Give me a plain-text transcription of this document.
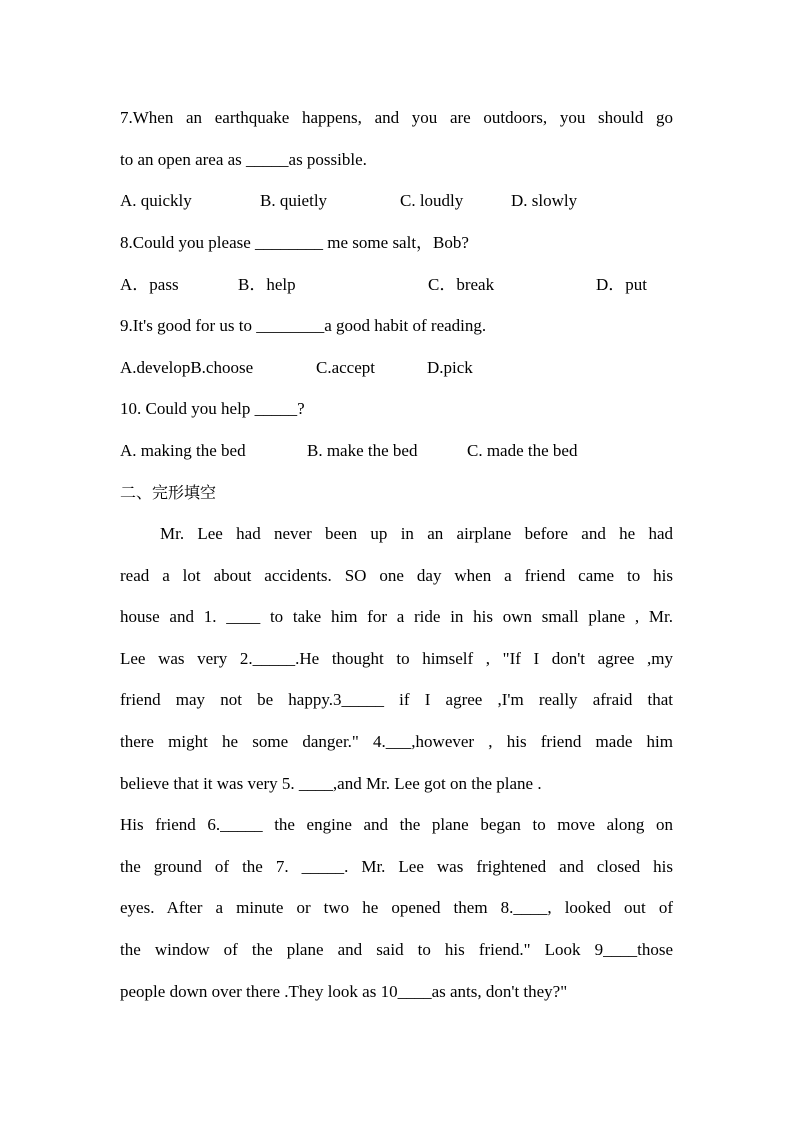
7.When an earthquake happens, and you are outdoors, you should go
to an open area as _____as possible.
A. quickly	B. quietly	C. loudly	D. slowly
8.Could you please ________ me some salt，Bob?
A．pass	B．help	C．break	D．put
9.It's good for us to ________a good habit of reading.
A.developB.choose	C.accept	D.pick
10. Could you help _____?
A. making the bed	B. make the bed	C. made the bed
二、完形填空
Mr. Lee had never been up in an airplane before and he had
read a lot about accidents. SO one day when a friend came to his
house and 1. ____ to take him for a ride in his own small plane , Mr.
Lee was very 2._____.He thought to himself , "If I don't agree ,my
friend may not be happy.3_____ if I agree ,I'm really afraid that
there might he some danger." 4.___,however , his friend made him
believe that it was very 5. ____,and Mr. Lee got on the plane .
His friend 6._____ the engine and the plane began to move along on
the ground of the 7. _____. Mr. Lee was frightened and closed his
eyes. After a minute or two he opened them 8.____, looked out of
the window of the plane and said to his friend." Look 9____those
people down over there .They look as 10____as ants, don't they?"
